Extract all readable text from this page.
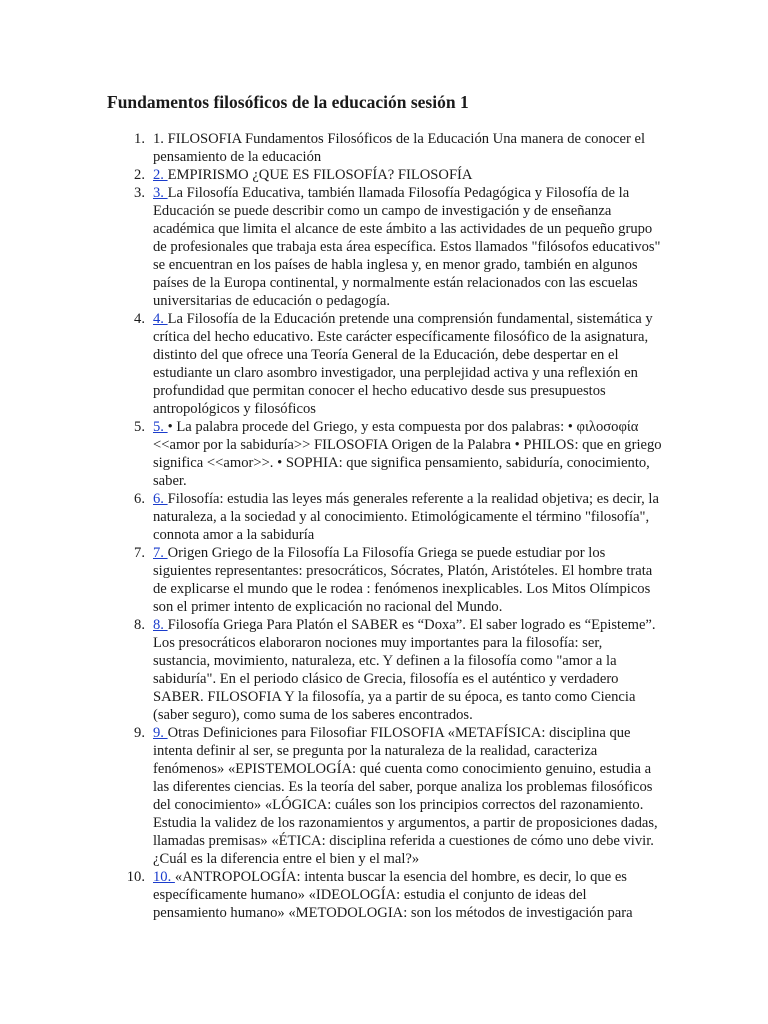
Fundamentos filosóficos de la educación sesión 1
1. 1. FILOSOFIA Fundamentos Filosóficos de la Educación Una manera de conocer el pensamiento de la educación
2. 2. EMPIRISMO ¿QUE ES FILOSOFÍA? FILOSOFÍA
3. 3. La Filosofía Educativa, también llamada Filosofía Pedagógica y Filosofía de la Educación se puede describir como un campo de investigación y de enseñanza académica que limita el alcance de este ámbito a las actividades de un pequeño grupo de profesionales que trabaja esta área específica. Estos llamados "filósofos educativos" se encuentran en los países de habla inglesa y, en menor grado, también en algunos países de la Europa continental, y normalmente están relacionados con las escuelas universitarias de educación o pedagogía.
4. 4. La Filosofía de la Educación pretende una comprensión fundamental, sistemática y crítica del hecho educativo. Este carácter específicamente filosófico de la asignatura, distinto del que ofrece una Teoría General de la Educación, debe despertar en el estudiante un claro asombro investigador, una perplejidad activa y una reflexión en profundidad que permitan conocer el hecho educativo desde sus presupuestos antropológicos y filosóficos
5. 5. • La palabra procede del Griego, y esta compuesta por dos palabras: • φιλοσοφία <<amor por la sabiduría>> FILOSOFIA Origen de la Palabra • PHILOS: que en griego significa <<amor>>. • SOPHIA: que significa pensamiento, sabiduría, conocimiento, saber.
6. 6. Filosofía: estudia las leyes más generales referente a la realidad objetiva; es decir, la naturaleza, a la sociedad y al conocimiento. Etimológicamente el término "filosofía", connota amor a la sabiduría
7. 7. Origen Griego de la Filosofía La Filosofía Griega se puede estudiar por los siguientes representantes: presocráticos, Sócrates, Platón, Aristóteles. El hombre trata de explicarse el mundo que le rodea : fenómenos inexplicables. Los Mitos Olímpicos son el primer intento de explicación no racional del Mundo.
8. 8. Filosofía Griega Para Platón el SABER es “Doxa”. El saber logrado es “Episteme”. Los presocráticos elaboraron nociones muy importantes para la filosofía: ser, sustancia, movimiento, naturaleza, etc. Y definen a la filosofía como "amor a la sabiduría". En el periodo clásico de Grecia, filosofía es el auténtico y verdadero SABER. FILOSOFIA Y la filosofía, ya a partir de su época, es tanto como Ciencia (saber seguro), como suma de los saberes encontrados.
9. 9. Otras Definiciones para Filosofiar FILOSOFIA «METAFÍSICA: disciplina que intenta definir al ser, se pregunta por la naturaleza de la realidad, caracteriza fenómenos» «EPISTEMOLOGÍA: qué cuenta como conocimiento genuino, estudia a las diferentes ciencias. Es la teoría del saber, porque analiza los problemas filosóficos del conocimiento» «LÓGICA: cuáles son los principios correctos del razonamiento. Estudia la validez de los razonamientos y argumentos, a partir de proposiciones dadas, llamadas premisas» «ÉTICA: disciplina referida a cuestiones de cómo uno debe vivir. ¿Cuál es la diferencia entre el bien y el mal?»
10. 10. «ANTROPOLOGÍA: intenta buscar la esencia del hombre, es decir, lo que es específicamente humano» «IDEOLOGÍA: estudia el conjunto de ideas del pensamiento humano» «METODOLOGIA: son los métodos de investigación para
